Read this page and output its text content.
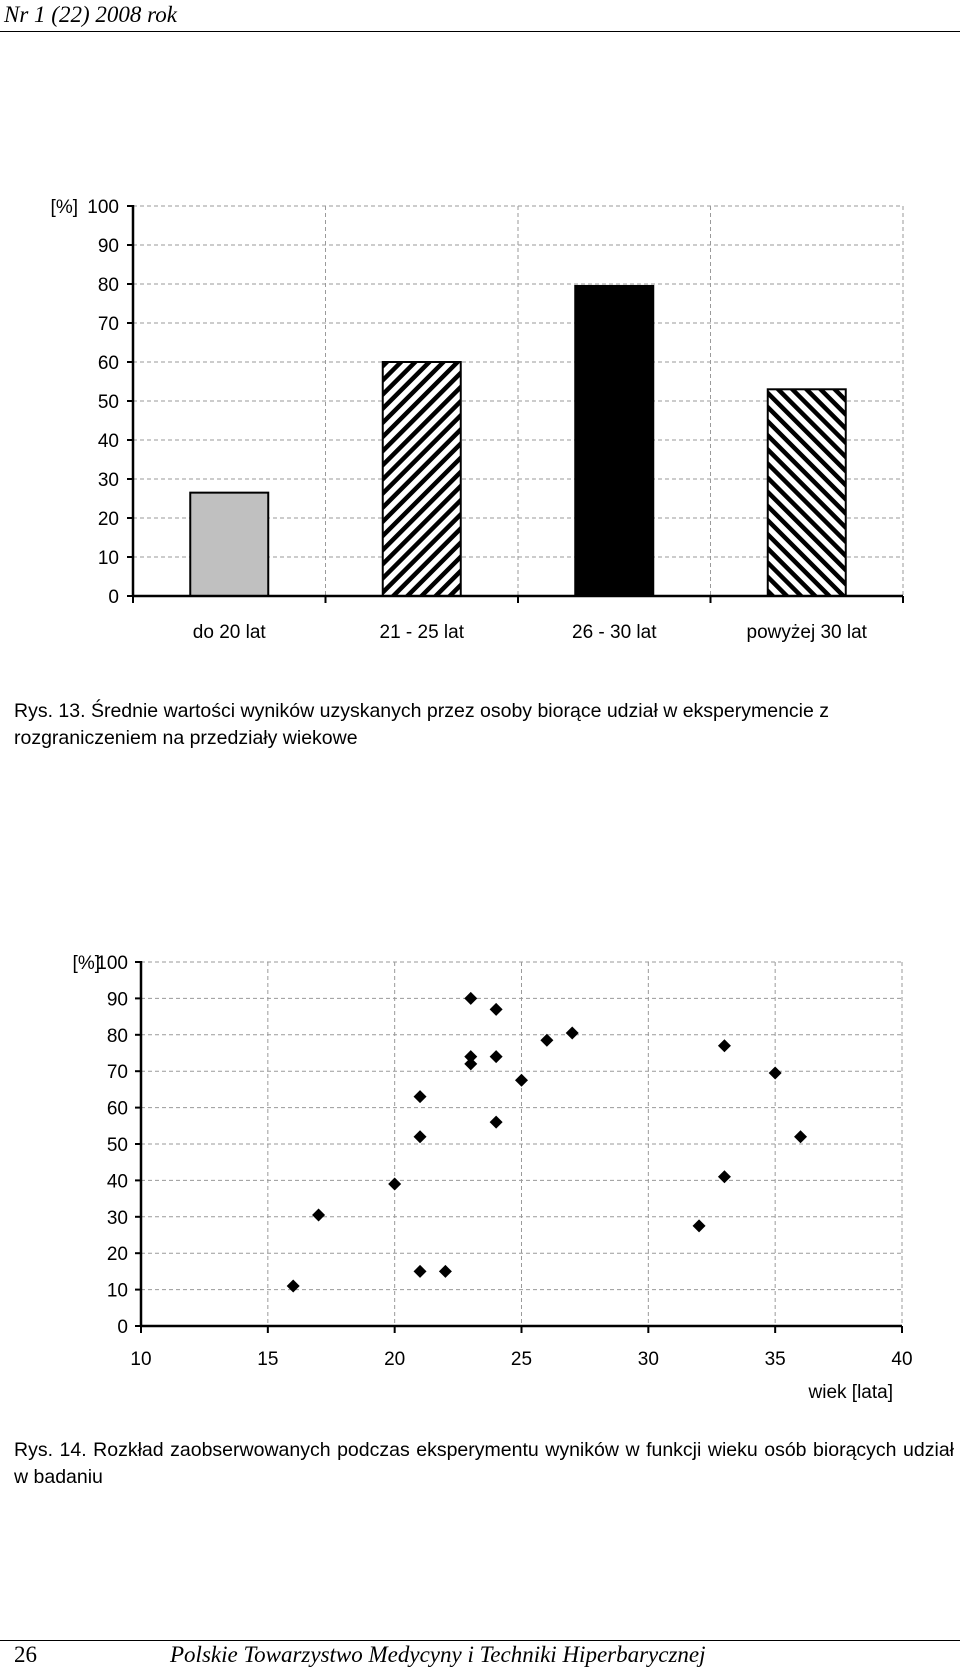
Nr 1 (22) 2008 rok
0
10
20
30
40
50
60
70
80
90
100
do 20 lat	21 - 25 lat	26 - 30 lat	powyżej 30 lat
[%]
Rys. 13. Średnie wartości wyników uzyskanych przez osoby biorące udział w eksperymencie z rozgraniczeniem na przedziały wiekowe
0
10
20
30
40
50
60
70
80
90
100
10	15	20	25	30	35	40
[%]
wiek [lata]
Rys. 14. Rozkład zaobserwowanych podczas eksperymentu wyników w funkcji wieku osób biorących udział w badaniu
26	Polskie Towarzystwo Medycyny i Techniki Hiperbarycznej
